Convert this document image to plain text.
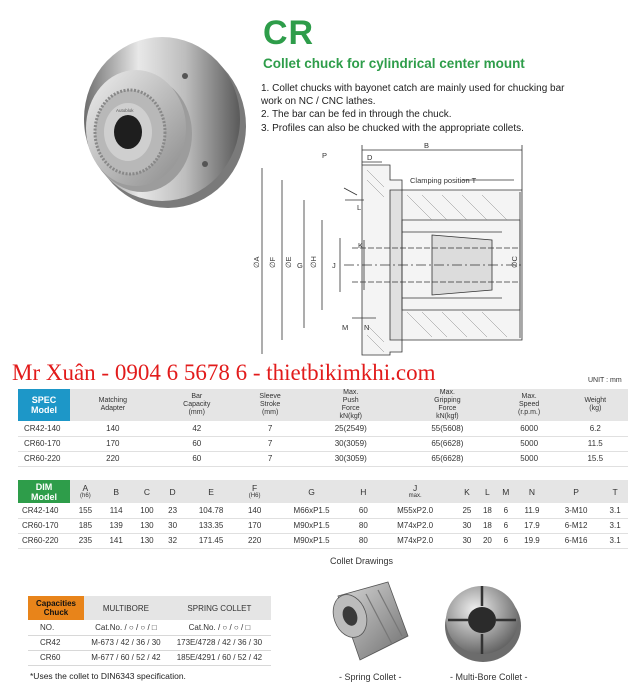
Autoblok
CR
Collet chuck for cylindrical center mount
1. Collet chucks with bayonet catch are mainly used for chucking bar
work on NC / CNC lathes.
2. The bar can be fed in through the chuck.
3. Profiles can also be chucked with the appropriate collets.
P	D
B
Clamping position T
L
K
J
∅H
G
∅E
∅F
∅A	∅C
M N
Mr Xuân - 0904 6 5678 6 - thietbikimkhi.com	UNIT : mm
SPEC
Model	Matching
Adapter	Bar
Capacity
(mm)	Sleeve
Stroke
(mm)	Max.
Push
Force
kN(kgf)	Max.
Gripping
Force
kN(kgf)	Max.
Speed
(r.p.m.)	Weight
(kg)
CR42-140	140	42	7	25(2549)	55(5608)	6000	6.2
CR60-170	170	60	7	30(3059)	65(6628)	5000	11.5
CR60-220	220	60	7	30(3059)	65(6628)	5000	15.5
DIM
Model	A
(h6)	B	C	D	E	F
(H6)	G	H	J
max.	K	L	M	N	P	T
CR42-140	155	114	100	23	104.78	140	M66xP1.5	60	M55xP2.0	25	18	6	11.9	3-M10	3.1
CR60-170	185	139	130	30	133.35	170	M90xP1.5	80	M74xP2.0	30	18	6	17.9	6-M12	3.1
CR60-220	235	141	130	32	171.45	220	M90xP1.5	80	M74xP2.0	30	20	6	19.9	6-M16	3.1
Collet Drawings
Capacities
Chuck	MULTIBORE	SPRING COLLET
NO.	Cat.No. / ○ / ○ / □	Cat.No. / ○ / ○ / □
CR42	M-673 / 42 / 36 / 30	173E/4728 / 42 / 36 / 30
CR60	M-677 / 60 / 52 / 42	185E/4291 / 60 / 52 / 42
- Spring Collet -	- Multi-Bore Collet -
*Uses the collet to DIN6343 specification.
